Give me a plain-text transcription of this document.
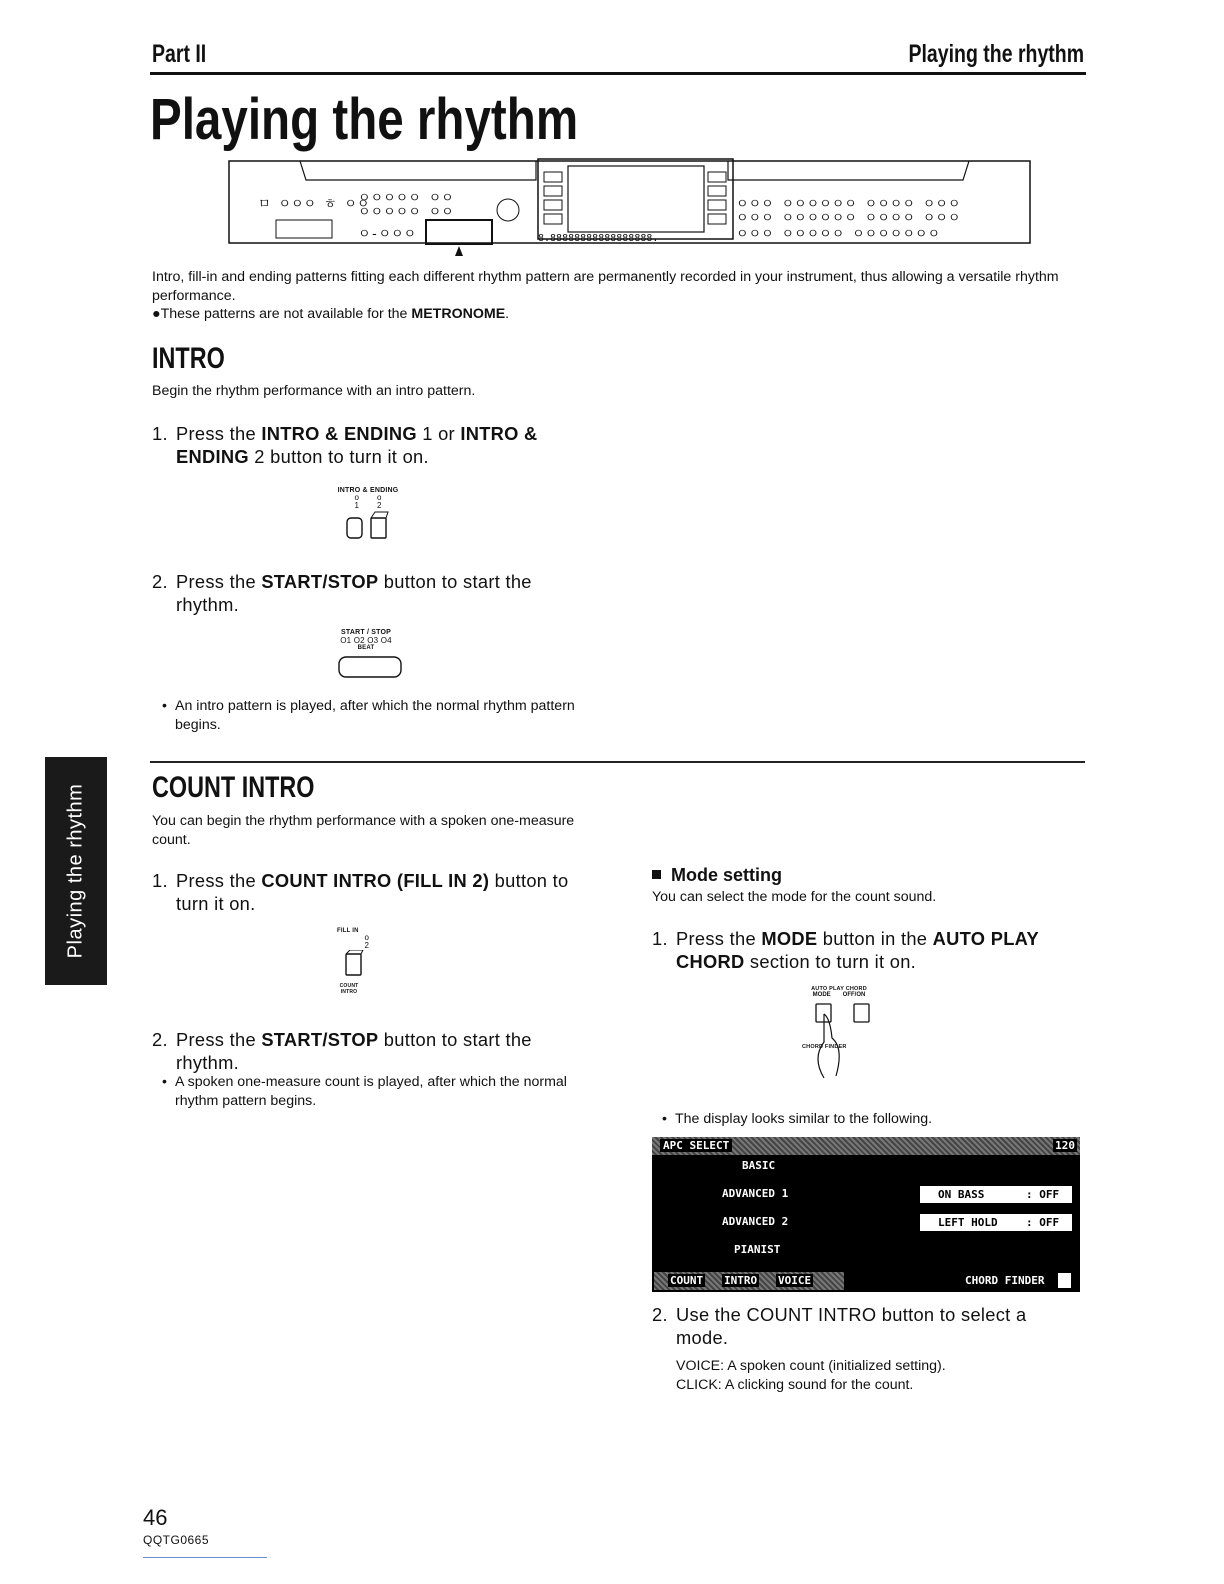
Part II	Playing the rhythm
Playing the rhythm
ㅁ ㅇㅇㅇ ㅎ ㅇㅇ
ㅇㅇㅇㅇㅇ ㅇㅇ
ㅇㅇㅇㅇㅇ ㅇㅇ
ㅇ-ㅇㅇㅇ
ㅇㅇㅇ ㅇㅇㅇㅇㅇㅇ ㅇㅇㅇㅇ ㅇㅇㅇ
ㅇㅇㅇ ㅇㅇㅇㅇㅇㅇ ㅇㅇㅇㅇ ㅇㅇㅇ
ㅇㅇㅇ ㅇㅇㅇㅇㅇ ㅇㅇㅇㅇㅇㅇㅇ
8.88888888888888888.
Intro, fill-in and ending patterns fitting each different rhythm pattern are permanently recorded in your instrument, thus allowing a versatile rhythm performance.
●These patterns are not available for the METRONOME.
Playing the rhythm
INTRO
Begin the rhythm performance with an intro pattern.
1. Press the INTRO & ENDING 1 or INTRO & ENDING 2 button to turn it on.
INTRO & ENDING
o
1
o
2
2. Press the START/STOP button to start the rhythm.
START / STOP
O1 O2 O3 O4
BEAT
• An intro pattern is played, after which the normal rhythm pattern begins.
COUNT INTRO
You can begin the rhythm performance with a spoken one-measure count.
1. Press the COUNT INTRO (FILL IN 2) button to turn it on.
FILL IN
o
2
COUNT INTRO
2. Press the START/STOP button to start the rhythm.
• A spoken one-measure count is played, after which the normal rhythm pattern begins.
Mode setting
You can select the mode for the count sound.
1. Press the MODE button in the AUTO PLAY CHORD section to turn it on.
AUTO PLAY CHORD
MODE OFF/ON
CHORD FINDER
• The display looks similar to the following.
APC SELECT	120
BASIC
ADVANCED 1
ADVANCED 2
PIANIST
ON BASS	: OFF
LEFT HOLD	: OFF
COUNT INTRO VOICE	CHORD FINDER
2. Use the COUNT INTRO button to select a mode.
VOICE: A spoken count (initialized setting).
CLICK: A clicking sound for the count.
46
QQTG0665
